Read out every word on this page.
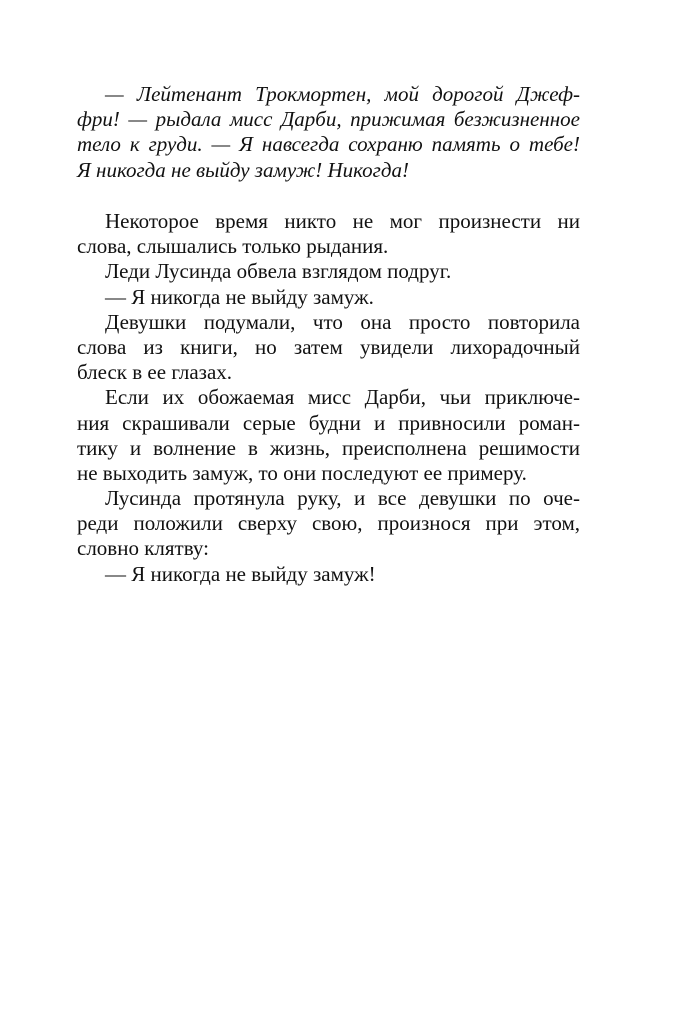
— Лейтенант Трокмортен, мой дорогой Джеф-
фри! — рыдала мисс Дарби, прижимая безжизненное
тело к груди. — Я навсегда сохраню память о тебе!
Я никогда не выйду замуж! Никогда!
Некоторое время никто не мог произнести ни
слова, слышались только рыдания.
Леди Лусинда обвела взглядом подруг.
— Я никогда не выйду замуж.
Девушки подумали, что она просто повторила
слова из книги, но затем увидели лихорадочный
блеск в ее глазах.
Если их обожаемая мисс Дарби, чьи приключе-
ния скрашивали серые будни и привносили роман-
тику и волнение в жизнь, преисполнена решимости
не выходить замуж, то они последуют ее примеру.
Лусинда протянула руку, и все девушки по оче-
реди положили сверху свою, произнося при этом,
словно клятву:
— Я никогда не выйду замуж!
